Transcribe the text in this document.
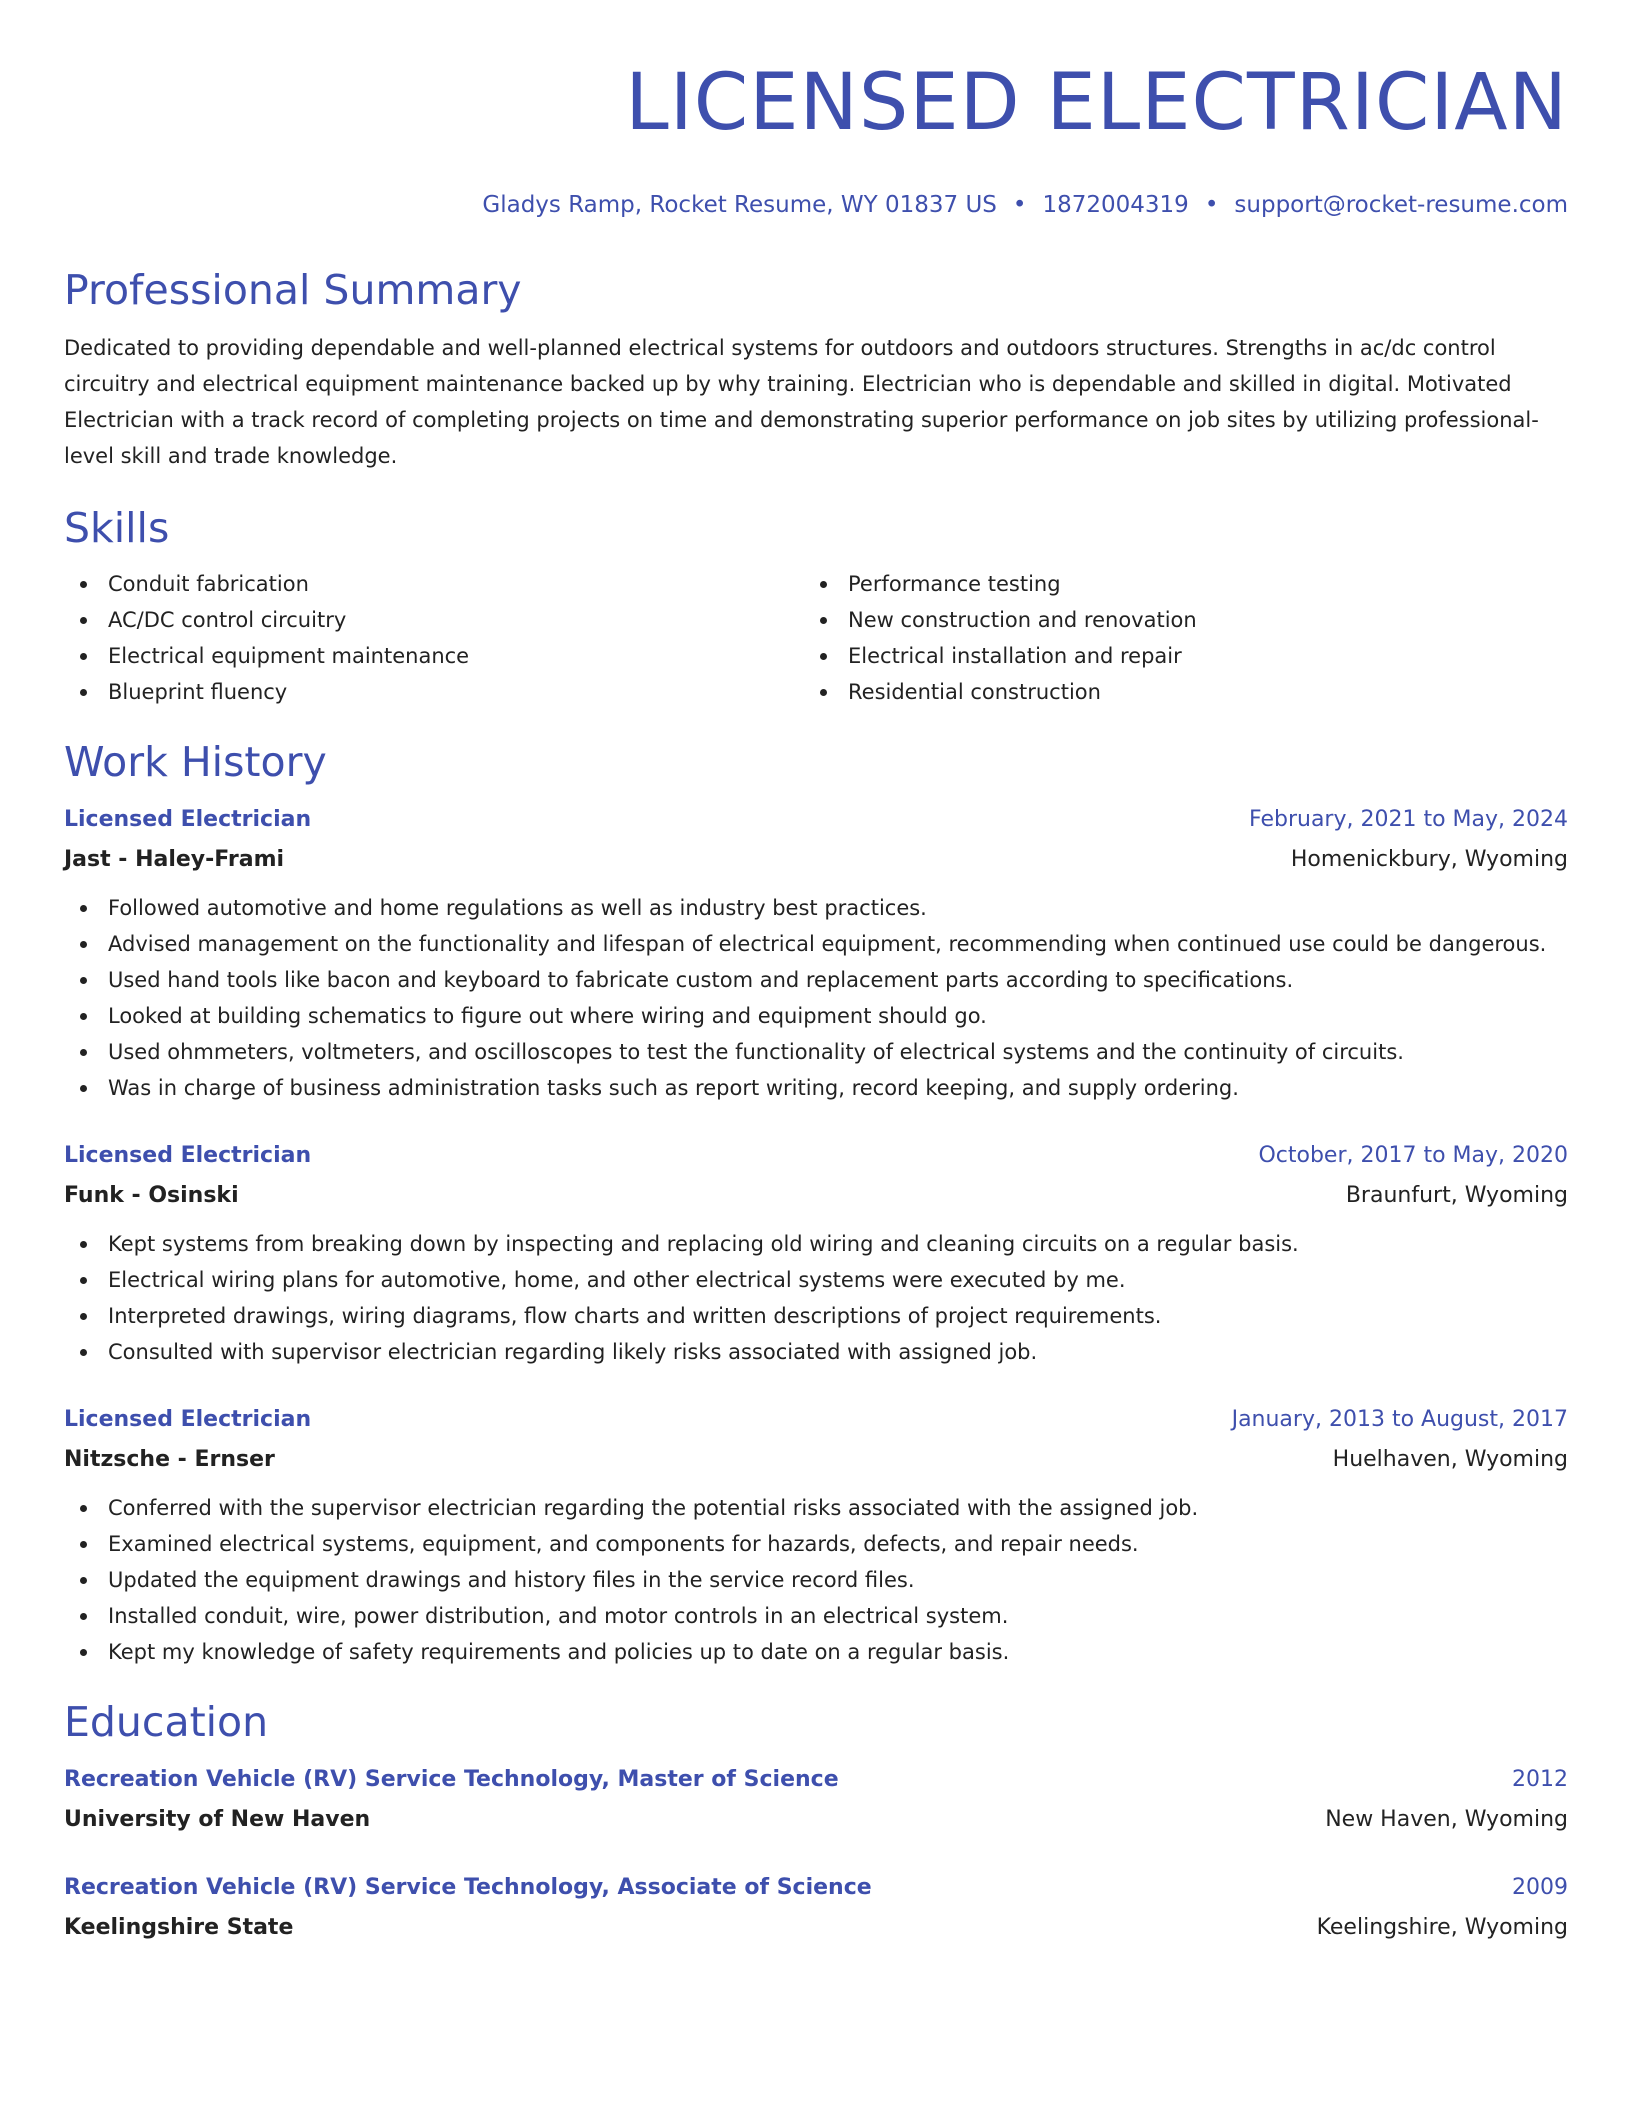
LICENSED ELECTRICIAN
Gladys Ramp, Rocket Resume, WY 01837 US • 1872004319 • support@rocket-resume.com
Professional Summary
Dedicated to providing dependable and well-planned electrical systems for outdoors and outdoors structures. Strengths in ac/dc control circuitry and electrical equipment maintenance backed up by why training. Electrician who is dependable and skilled in digital. Motivated Electrician with a track record of completing projects on time and demonstrating superior performance on job sites by utilizing professional-level skill and trade knowledge.
Skills
Conduit fabrication
AC/DC control circuitry
Electrical equipment maintenance
Blueprint fluency
Performance testing
New construction and renovation
Electrical installation and repair
Residential construction
Work History
Licensed Electrician	February, 2021 to May, 2024
Jast - Haley-Frami	Homenickbury, Wyoming
Followed automotive and home regulations as well as industry best practices.
Advised management on the functionality and lifespan of electrical equipment, recommending when continued use could be dangerous.
Used hand tools like bacon and keyboard to fabricate custom and replacement parts according to specifications.
Looked at building schematics to figure out where wiring and equipment should go.
Used ohmmeters, voltmeters, and oscilloscopes to test the functionality of electrical systems and the continuity of circuits.
Was in charge of business administration tasks such as report writing, record keeping, and supply ordering.
Licensed Electrician	October, 2017 to May, 2020
Funk - Osinski	Braunfurt, Wyoming
Kept systems from breaking down by inspecting and replacing old wiring and cleaning circuits on a regular basis.
Electrical wiring plans for automotive, home, and other electrical systems were executed by me.
Interpreted drawings, wiring diagrams, flow charts and written descriptions of project requirements.
Consulted with supervisor electrician regarding likely risks associated with assigned job.
Licensed Electrician	January, 2013 to August, 2017
Nitzsche - Ernser	Huelhaven, Wyoming
Conferred with the supervisor electrician regarding the potential risks associated with the assigned job.
Examined electrical systems, equipment, and components for hazards, defects, and repair needs.
Updated the equipment drawings and history files in the service record files.
Installed conduit, wire, power distribution, and motor controls in an electrical system.
Kept my knowledge of safety requirements and policies up to date on a regular basis.
Education
Recreation Vehicle (RV) Service Technology, Master of Science	2012
University of New Haven	New Haven, Wyoming
Recreation Vehicle (RV) Service Technology, Associate of Science	2009
Keelingshire State	Keelingshire, Wyoming
